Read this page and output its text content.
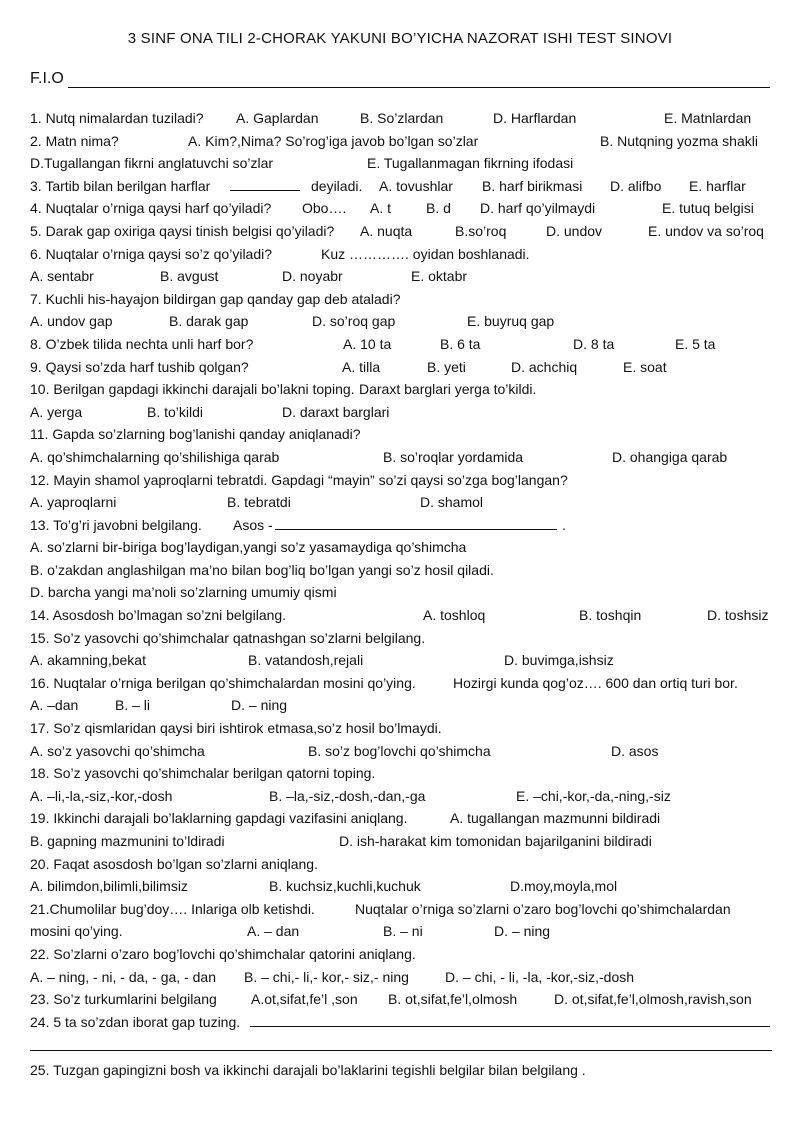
3 SINF ONA TILI 2-CHORAK YAKUNI BO’YICHA NAZORAT ISHI TEST SINOVI
F.I.O
1. Nutq nimalardan tuziladi? A. Gaplardan	B. So’zlardan	D. Harflardan	E. Matnlardan
2. Matn nima?	A. Kim?,Nima? So’rog’iga javob bo’lgan so’zlar	B. Nutqning yozma shakli
D.Tugallangan fikrni anglatuvchi so’zlar	E. Tugallanmagan fikrning ifodasi
3. Tartib bilan berilgan harflar	deyiladi. A. tovushlar B. harf birikmasi D. alifbo E. harflar
4. Nuqtalar o’rniga qaysi harf qo’yiladi? Obo…. A. t B. d D. harf qo’yilmaydi	E. tutuq belgisi
5. Darak gap oxiriga qaysi tinish belgisi qo’yiladi? A. nuqta	B.so’roq	D. undov	E. undov va so’roq
6. Nuqtalar o’rniga qaysi so’z qo’yiladi?	Kuz …………. oyidan boshlanadi.
A. sentabr	B. avgust	D. noyabr	E. oktabr
7. Kuchli his-hayajon bildirgan gap qanday gap deb ataladi?
A. undov gap	B. darak gap	D. so’roq gap	E. buyruq gap
8. O’zbek tilida nechta unli harf bor?	A. 10 ta	B. 6 ta	D. 8 ta	E. 5 ta
9. Qaysi so’zda harf tushib qolgan?	A. tilla	B. yeti	D. achchiq	E. soat
10. Berilgan gapdagi ikkinchi darajali bo’lakni toping. Daraxt barglari yerga to’kildi.
A. yerga	B. to’kildi	D. daraxt barglari
11. Gapda so’zlarning bog’lanishi qanday aniqlanadi?
A. qo’shimchalarning qo’shilishiga qarab	B. so’roqlar yordamida	D. ohangiga qarab
12. Mayin shamol yaproqlarni tebratdi. Gapdagi “mayin” so’zi qaysi so’zga bog’langan?
A. yaproqlarni	B. tebratdi	D. shamol
13. To’g’ri javobni belgilang. Asos -	.
A. so’zlarni bir-biriga bog’laydigan,yangi so’z yasamaydiga qo’shimcha
B. o’zakdan anglashilgan ma’no bilan bog’liq bo’lgan yangi so’z hosil qiladi.
D. barcha yangi ma’noli so’zlarning umumiy qismi
14. Asosdosh bo’lmagan so’zni belgilang.	A. toshloq	B. toshqin	D. toshsiz
15. So’z yasovchi qo’shimchalar qatnashgan so’zlarni belgilang.
A. akamning,bekat	B. vatandosh,rejali	D. buvimga,ishsiz
16. Nuqtalar o’rniga berilgan qo’shimchalardan mosini qo’ying.	Hozirgi kunda qog’oz…. 600 dan ortiq turi bor.
A. –dan	B. – li	D. – ning
17. So’z qismlaridan qaysi biri ishtirok etmasa,so’z hosil bo’lmaydi.
A. so’z yasovchi qo’shimcha	B. so’z bog’lovchi qo’shimcha	D. asos
18. So’z yasovchi qo’shimchalar berilgan qatorni toping.
A. –li,-la,-siz,-kor,-dosh	B. –la,-siz,-dosh,-dan,-ga	E. –chi,-kor,-da,-ning,-siz
19. Ikkinchi darajali bo’laklarning gapdagi vazifasini aniqlang.	A. tugallangan mazmunni bildiradi
B. gapning mazmunini to’ldiradi	D. ish-harakat kim tomonidan bajarilganini bildiradi
20. Faqat asosdosh bo’lgan so’zlarni aniqlang.
A. bilimdon,bilimli,bilimsiz	B. kuchsiz,kuchli,kuchuk	D.moy,moyla,mol
21.Chumolilar bug’doy…. Inlariga olb ketishdi.	Nuqtalar o’rniga so’zlarni o’zaro bog’lovchi qo’shimchalardan
mosini qo’ying.	A. – dan	B. – ni	D. – ning
22. So’zlarni o’zaro bog’lovchi qo’shimchalar qatorini aniqlang.
A. – ning, - ni, - da, - ga, - dan B. – chi,- li,- kor,- siz,- ning	D. – chi, - li, -la, -kor,-siz,-dosh
23. So’z turkumlarini belgilang A.ot,sifat,fe’l ,son B. ot,sifat,fe’l,olmosh	D. ot,sifat,fe’l,olmosh,ravish,son
24. 5 ta so’zdan iborat gap tuzing.
25. Tuzgan gapingizni bosh va ikkinchi darajali bo’laklarini tegishli belgilar bilan belgilang .
